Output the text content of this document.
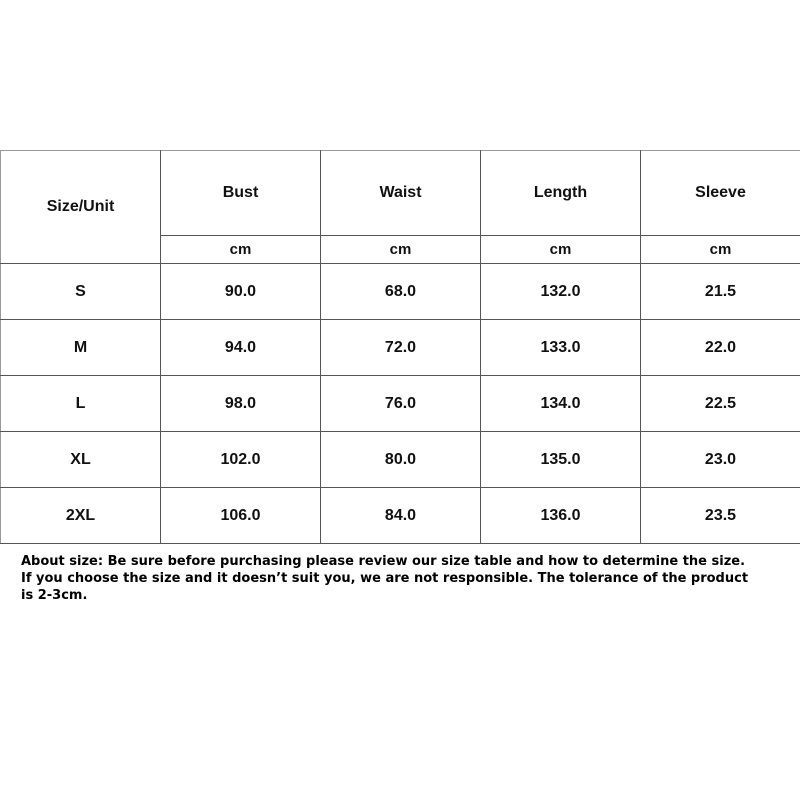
Size/Unit	Bust	Waist	Length	Sleeve
	cm	cm	cm	cm
S	90.0	68.0	132.0	21.5
M	94.0	72.0	133.0	22.0
L	98.0	76.0	134.0	22.5
XL	102.0	80.0	135.0	23.0
2XL	106.0	84.0	136.0	23.5

About size: Be sure before purchasing please review our size table and how to determine the size.
If you choose the size and it doesn’t suit you, we are not responsible. The tolerance of the product
is 2-3cm.
